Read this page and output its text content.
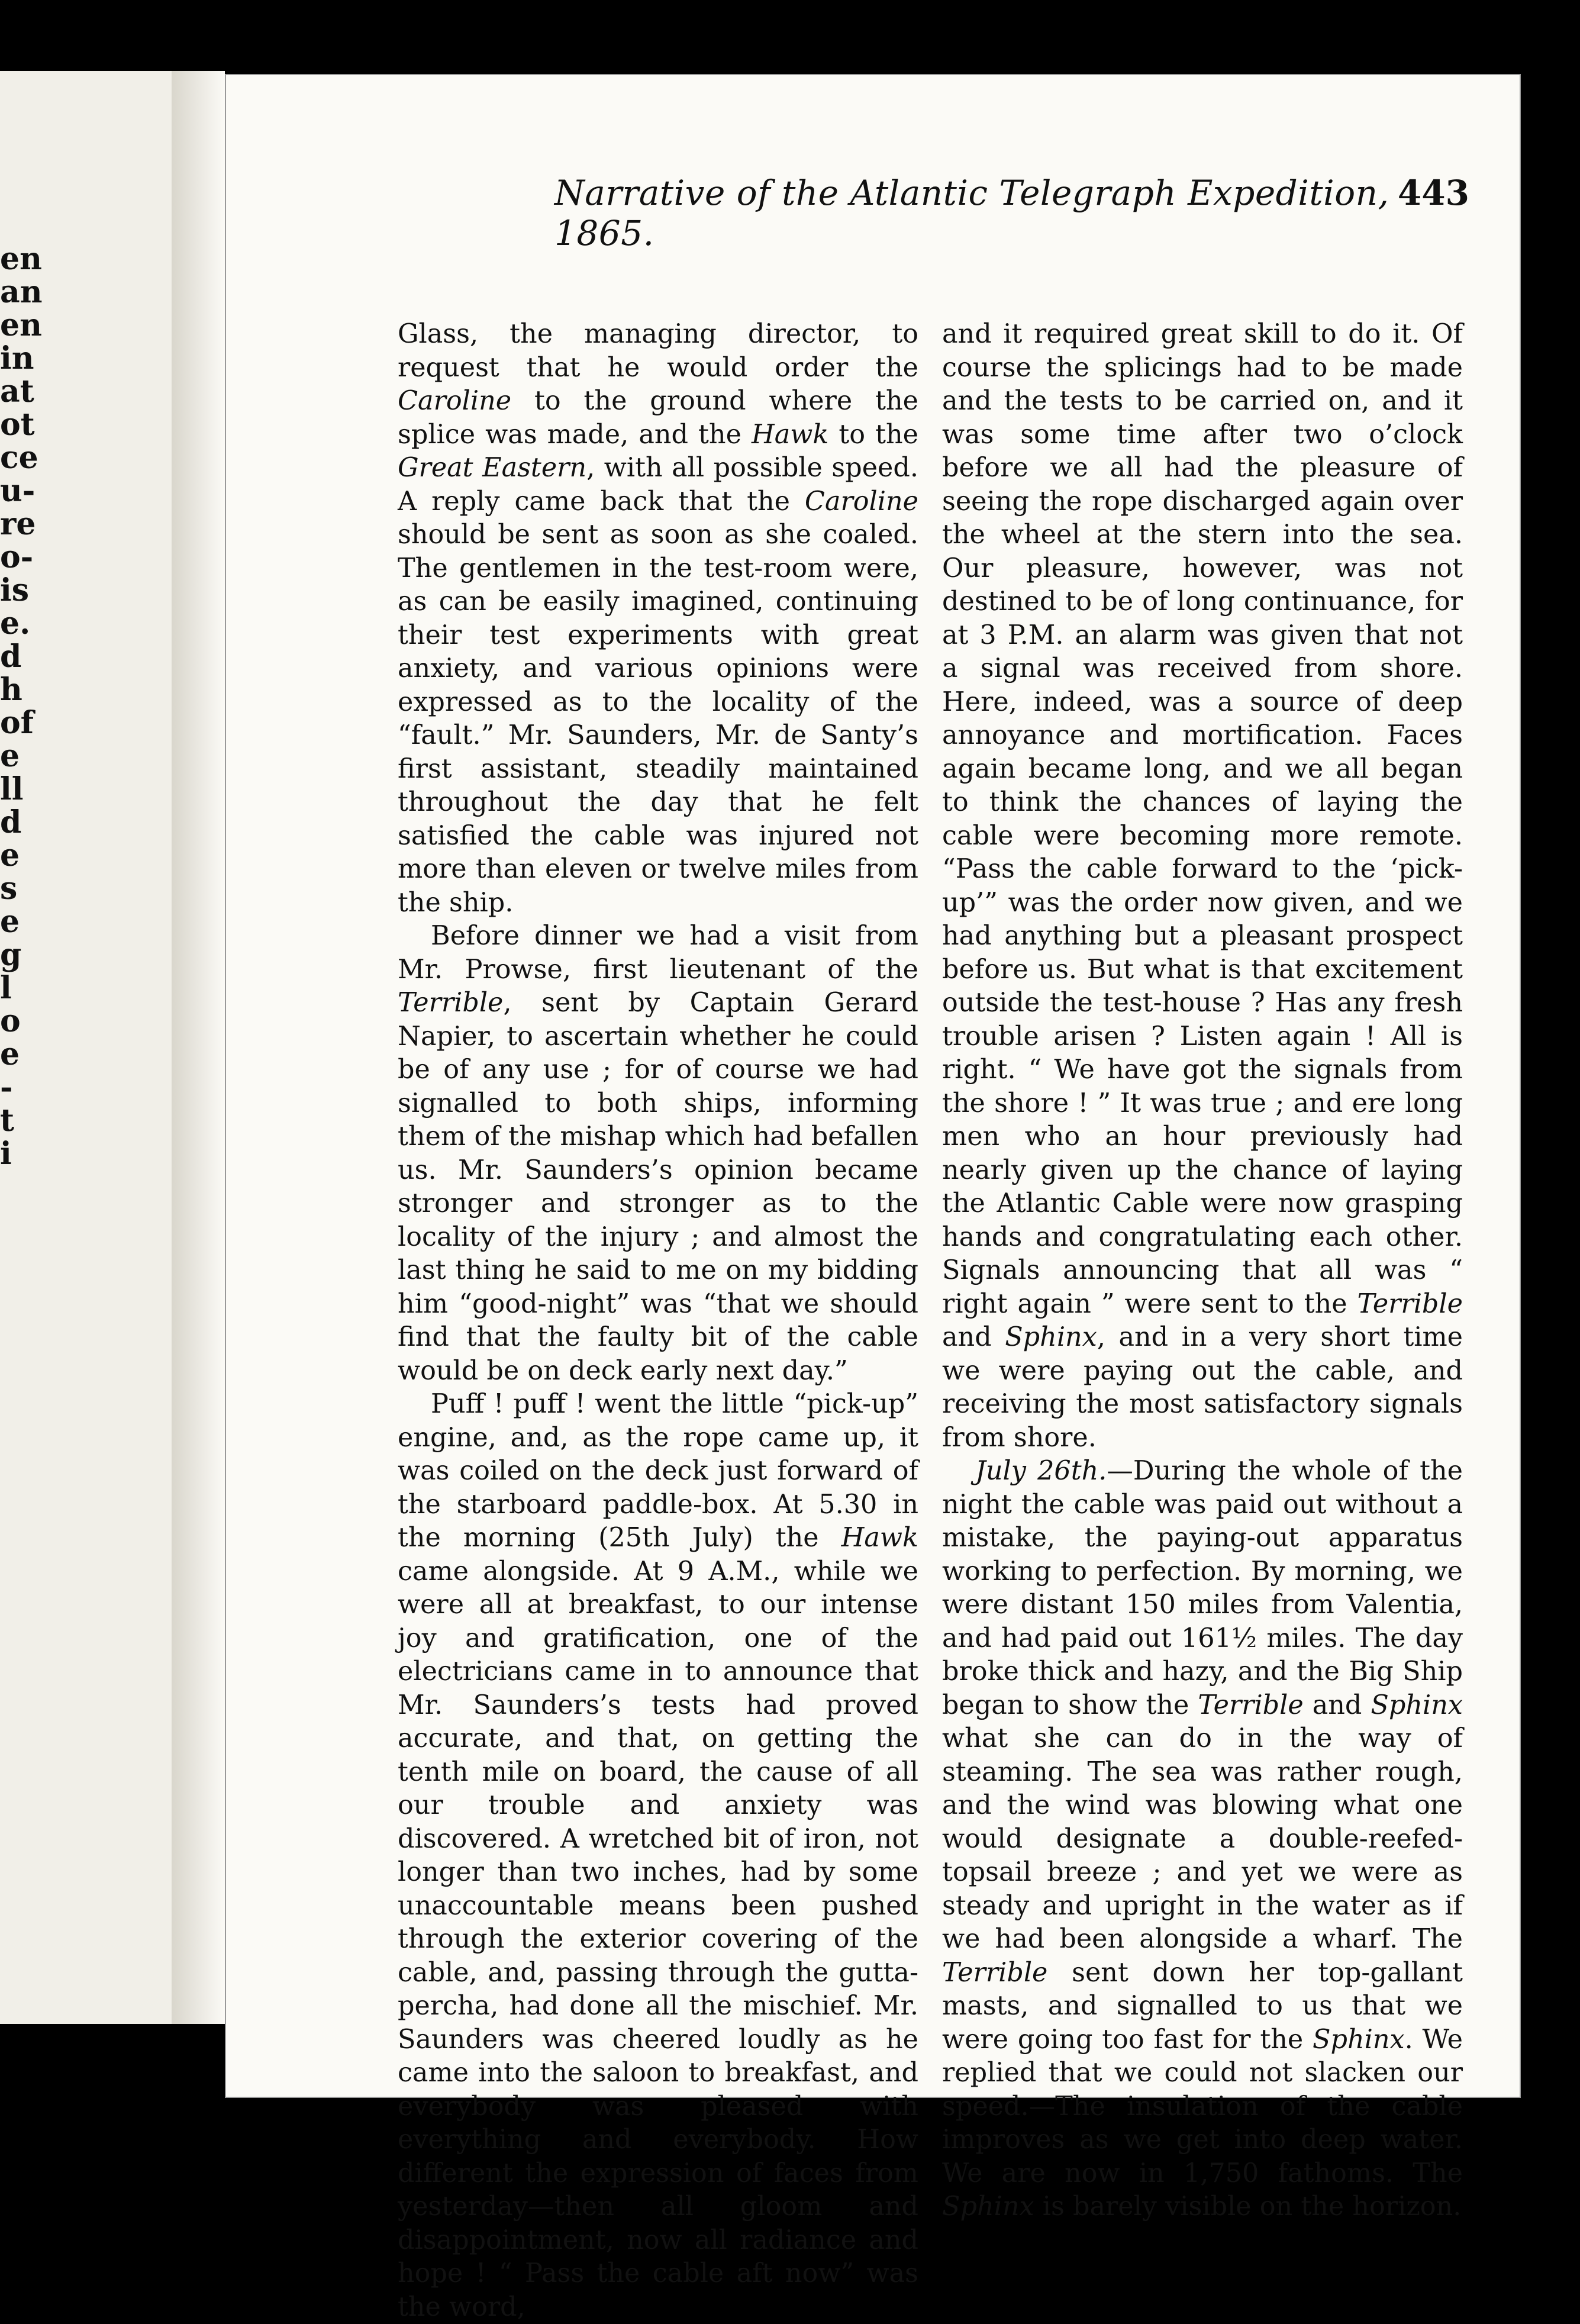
en
an
en
in
at
ot
ce
u-
re
o-
is
e.
d
h
of
e
ll
d
e
s
e
g
l
o
e
-
t
i
Narrative of the Atlantic Telegraph Expedition, 1865.
443

Glass, the managing director, to request that he would order the Caroline to the ground where the splice was made, and the Hawk to the Great Eastern, with all possible speed. A reply came back that the Caroline should be sent as soon as she coaled. The gentlemen in the test-room were, as can be easily imagined, continuing their test experiments with great anxiety, and various opinions were expressed as to the locality of the “fault.” Mr. Saunders, Mr. de Santy’s first assistant, steadily maintained throughout the day that he felt satisfied the cable was injured not more than eleven or twelve miles from the ship.

Before dinner we had a visit from Mr. Prowse, first lieutenant of the Terrible, sent by Captain Gerard Napier, to ascertain whether he could be of any use ; for of course we had signalled to both ships, informing them of the mishap which had befallen us. Mr. Saunders’s opinion became stronger and stronger as to the locality of the injury ; and almost the last thing he said to me on my bidding him “good-night” was “that we should find that the faulty bit of the cable would be on deck early next day.”

Puff ! puff ! went the little “pick-up” engine, and, as the rope came up, it was coiled on the deck just forward of the starboard paddle-box. At 5.30 in the morning (25th July) the Hawk came alongside. At 9 A.M., while we were all at breakfast, to our intense joy and gratification, one of the electricians came in to announce that Mr. Saunders’s tests had proved accurate, and that, on getting the tenth mile on board, the cause of all our trouble and anxiety was discovered. A wretched bit of iron, not longer than two inches, had by some unaccountable means been pushed through the exterior covering of the cable, and, passing through the gutta-percha, had done all the mischief. Mr. Saunders was cheered loudly as he came into the saloon to breakfast, and everybody was pleased with everything and everybody. How different the expression of faces from yesterday—then all gloom and disappointment, now all radiance and hope ! “ Pass the cable aft now” was the word,

and it required great skill to do it. Of course the splicings had to be made and the tests to be carried on, and it was some time after two o’clock before we all had the pleasure of seeing the rope discharged again over the wheel at the stern into the sea. Our pleasure, however, was not destined to be of long continuance, for at 3 P.M. an alarm was given that not a signal was received from shore. Here, indeed, was a source of deep annoyance and mortification. Faces again became long, and we all began to think the chances of laying the cable were becoming more remote. “Pass the cable forward to the ‘pick-up’” was the order now given, and we had anything but a pleasant prospect before us. But what is that excitement outside the test-house ? Has any fresh trouble arisen ? Listen again ! All is right. “ We have got the signals from the shore ! ” It was true ; and ere long men who an hour previously had nearly given up the chance of laying the Atlantic Cable were now grasping hands and congratulating each other. Signals announcing that all was “ right again ” were sent to the Terrible and Sphinx, and in a very short time we were paying out the cable, and receiving the most satisfactory signals from shore.

July 26th.—During the whole of the night the cable was paid out without a mistake, the paying-out apparatus working to perfection. By morning, we were distant 150 miles from Valentia, and had paid out 161½ miles. The day broke thick and hazy, and the Big Ship began to show the Terrible and Sphinx what she can do in the way of steaming. The sea was rather rough, and the wind was blowing what one would designate a double-reefed-topsail breeze ; and yet we were as steady and upright in the water as if we had been alongside a wharf. The Terrible sent down her top-gallant masts, and signalled to us that we were going too fast for the Sphinx. We replied that we could not slacken our speed.—The insulation of the cable improves as we get into deep water. We are now in 1,750 fathoms. The Sphinx is barely visible on the horizon.
